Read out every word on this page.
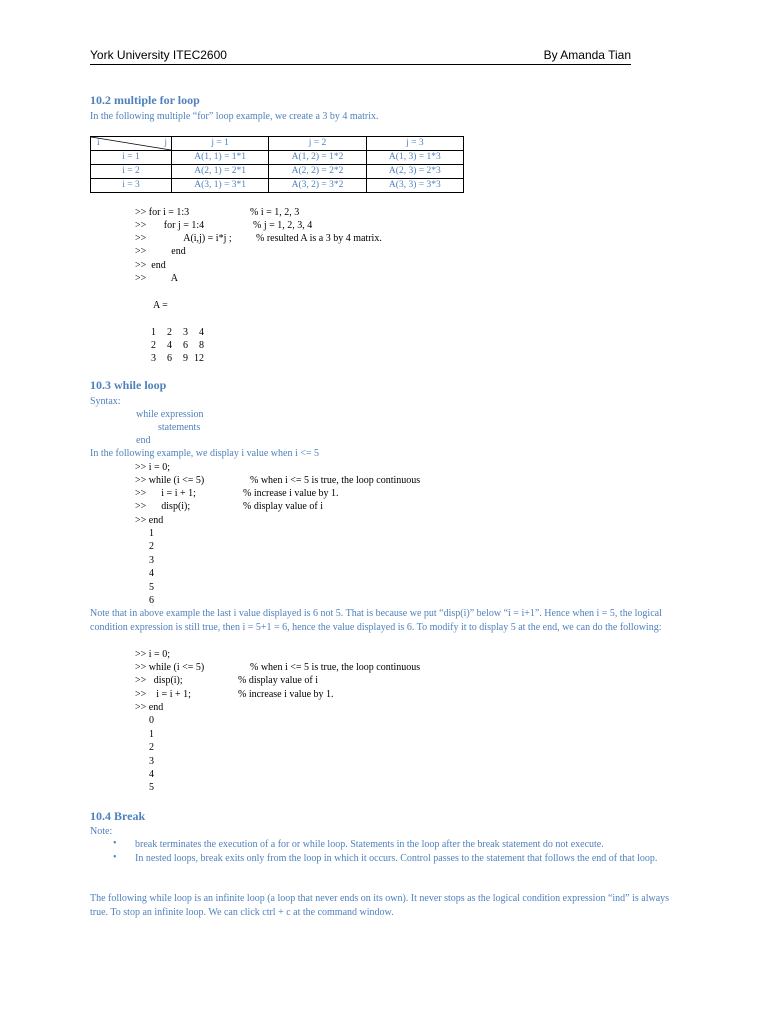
York University ITEC2600	By Amanda Tian
10.2 multiple for loop
In the following multiple “for” loop example, we create a 3 by 4 matrix.
i j	j = 1	j = 2	j = 3
i = 1	A(1, 1) = 1*1	A(1, 2) = 1*2	A(1, 3) = 1*3
i = 2	A(2, 1) = 2*1	A(2, 2) = 2*2	A(2, 3) = 2*3
i = 3	A(3, 1) = 3*1	A(3, 2) = 3*2	A(3, 3) = 3*3
>> for i = 1:3	% i = 1, 2, 3
>>       for j = 1:4	% j = 1, 2, 3, 4
>>               A(i,j) = i*j ; % resulted A is a 3 by 4 matrix.
>>          end
>>  end
>>          A
A =
1 2 3 4
2 4 6 8
3 6 9 12
10.3 while loop
Syntax:
while expression
statements
end
In the following example, we display i value when i <= 5
>> i = 0;
>> while (i <= 5)	% when i <= 5 is true, the loop continuous
>>      i = i + 1;	% increase i value by 1.
>>      disp(i);	% display value of i
>> end
1
2
3
4
5
6
Note that in above example the last i value displayed is 6 not 5. That is because we put “disp(i)” below “i = i+1”. Hence when i = 5, the logical condition expression is still true, then i = 5+1 = 6, hence the value displayed is 6. To modify it to display 5 at the end, we can do the following:
>> i = 0;
>> while (i <= 5)	% when i <= 5 is true, the loop continuous
>>   disp(i);	% display value of i
>>    i = i + 1;	% increase i value by 1.
>> end
0
1
2
3
4
5
10.4 Break
Note:
• break terminates the execution of a for or while loop. Statements in the loop after the break statement do not execute.
• In nested loops, break exits only from the loop in which it occurs. Control passes to the statement that follows the end of that loop.
The following while loop is an infinite loop (a loop that never ends on its own). It never stops as the logical condition expression “ind” is always true. To stop an infinite loop. We can click ctrl + c at the command window.
